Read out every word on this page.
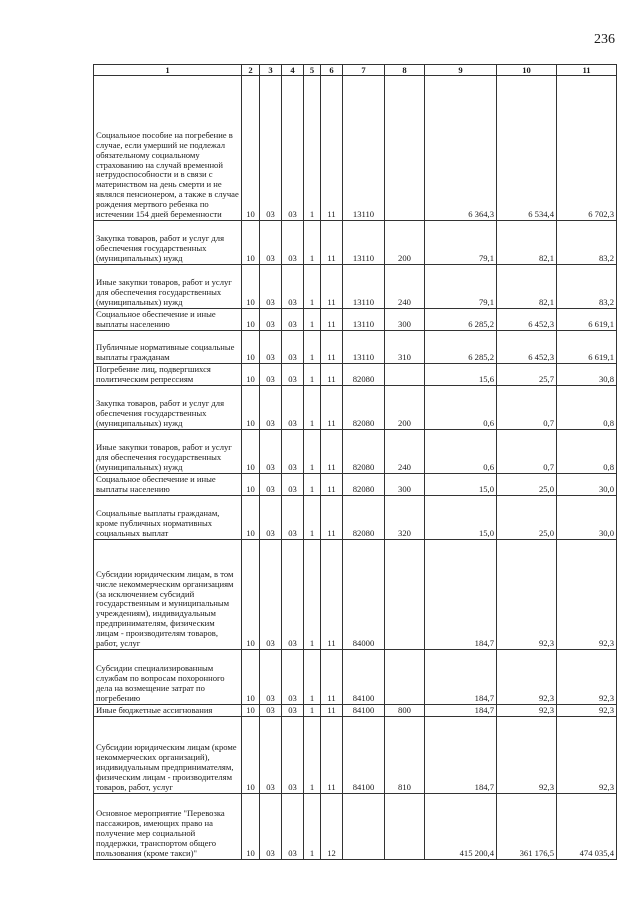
236
1	2	3	4	5	6	7	8	9	10	11
Социальное пособие на погребение в случае, если умерший не подлежал обязательному социальному страхованию на случай временной нетрудоспособности и в связи с материнством на день смерти и не являлся пенсионером, а также в случае рождения мертвого ребенка по истечении 154 дней беременности	10	03	03	1	11	13110		6 364,3	6 534,4	6 702,3
Закупка товаров, работ и услуг для обеспечения государственных (муниципальных) нужд	10	03	03	1	11	13110	200	79,1	82,1	83,2
Иные закупки товаров, работ и услуг для обеспечения государственных (муниципальных) нужд	10	03	03	1	11	13110	240	79,1	82,1	83,2
Социальное обеспечение и иные выплаты населению	10	03	03	1	11	13110	300	6 285,2	6 452,3	6 619,1
Публичные нормативные социальные выплаты гражданам	10	03	03	1	11	13110	310	6 285,2	6 452,3	6 619,1
Погребение лиц, подвергшихся политическим репрессиям	10	03	03	1	11	82080		15,6	25,7	30,8
Закупка товаров, работ и услуг для обеспечения государственных (муниципальных) нужд	10	03	03	1	11	82080	200	0,6	0,7	0,8
Иные закупки товаров, работ и услуг для обеспечения государственных (муниципальных) нужд	10	03	03	1	11	82080	240	0,6	0,7	0,8
Социальное обеспечение и иные выплаты населению	10	03	03	1	11	82080	300	15,0	25,0	30,0
Социальные выплаты гражданам, кроме публичных нормативных социальных выплат	10	03	03	1	11	82080	320	15,0	25,0	30,0
Субсидии юридическим лицам, в том числе некоммерческим организациям (за исключением субсидий государственным и муниципальным учреждениям), индивидуальным предпринимателям, физическим лицам - производителям товаров, работ, услуг	10	03	03	1	11	84000		184,7	92,3	92,3
Субсидии специализированным службам по вопросам похоронного дела на возмещение затрат по погребению	10	03	03	1	11	84100		184,7	92,3	92,3
Иные бюджетные ассигнования	10	03	03	1	11	84100	800	184,7	92,3	92,3
Субсидии юридическим лицам (кроме некоммерческих организаций), индивидуальным предпринимателям, физическим лицам - производителям товаров, работ, услуг	10	03	03	1	11	84100	810	184,7	92,3	92,3
Основное мероприятие "Перевозка пассажиров, имеющих право на получение мер социальной поддержки, транспортом общего пользования (кроме такси)"	10	03	03	1	12			415 200,4	361 176,5	474 035,4
